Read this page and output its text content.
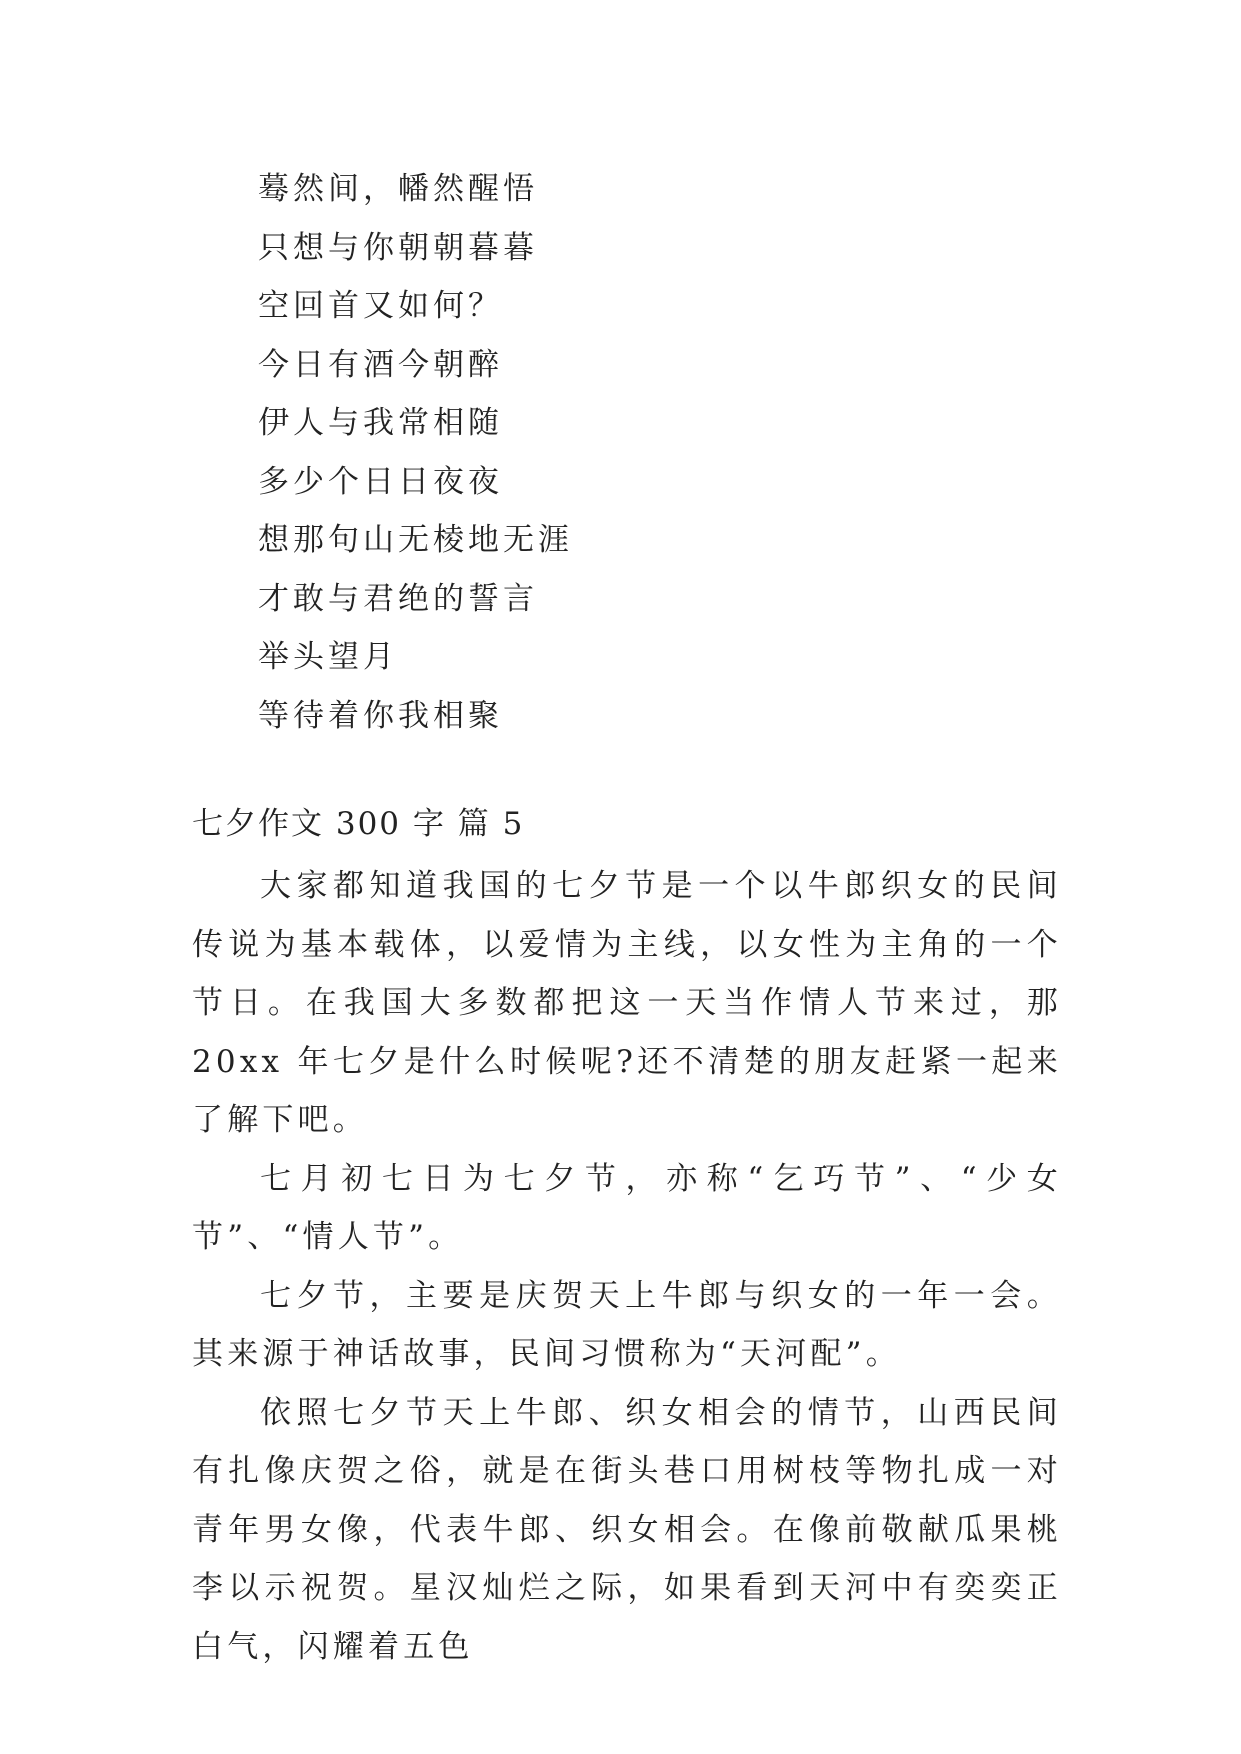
蓦然间，幡然醒悟
只想与你朝朝暮暮
空回首又如何？
今日有酒今朝醉
伊人与我常相随
多少个日日夜夜
想那句山无棱地无涯
才敢与君绝的誓言
举头望月
等待着你我相聚
七夕作文 300 字 篇 5

大家都知道我国的七夕节是一个以牛郎织女的民间传说为基本载体，以爱情为主线，以女性为主角的一个节日。在我国大多数都把这一天当作情人节来过，那 20xx 年七夕是什么时候呢?还不清楚的朋友赶紧一起来了解下吧。

七月初七日为七夕节，亦称“乞巧节”、“少女节”、“情人节”。

七夕节，主要是庆贺天上牛郎与织女的一年一会。其来源于神话故事，民间习惯称为“天河配”。

依照七夕节天上牛郎、织女相会的情节，山西民间有扎像庆贺之俗，就是在街头巷口用树枝等物扎成一对青年男女像，代表牛郎、织女相会。在像前敬献瓜果桃李以示祝贺。星汉灿烂之际，如果看到天河中有奕奕正白气，闪耀着五色
